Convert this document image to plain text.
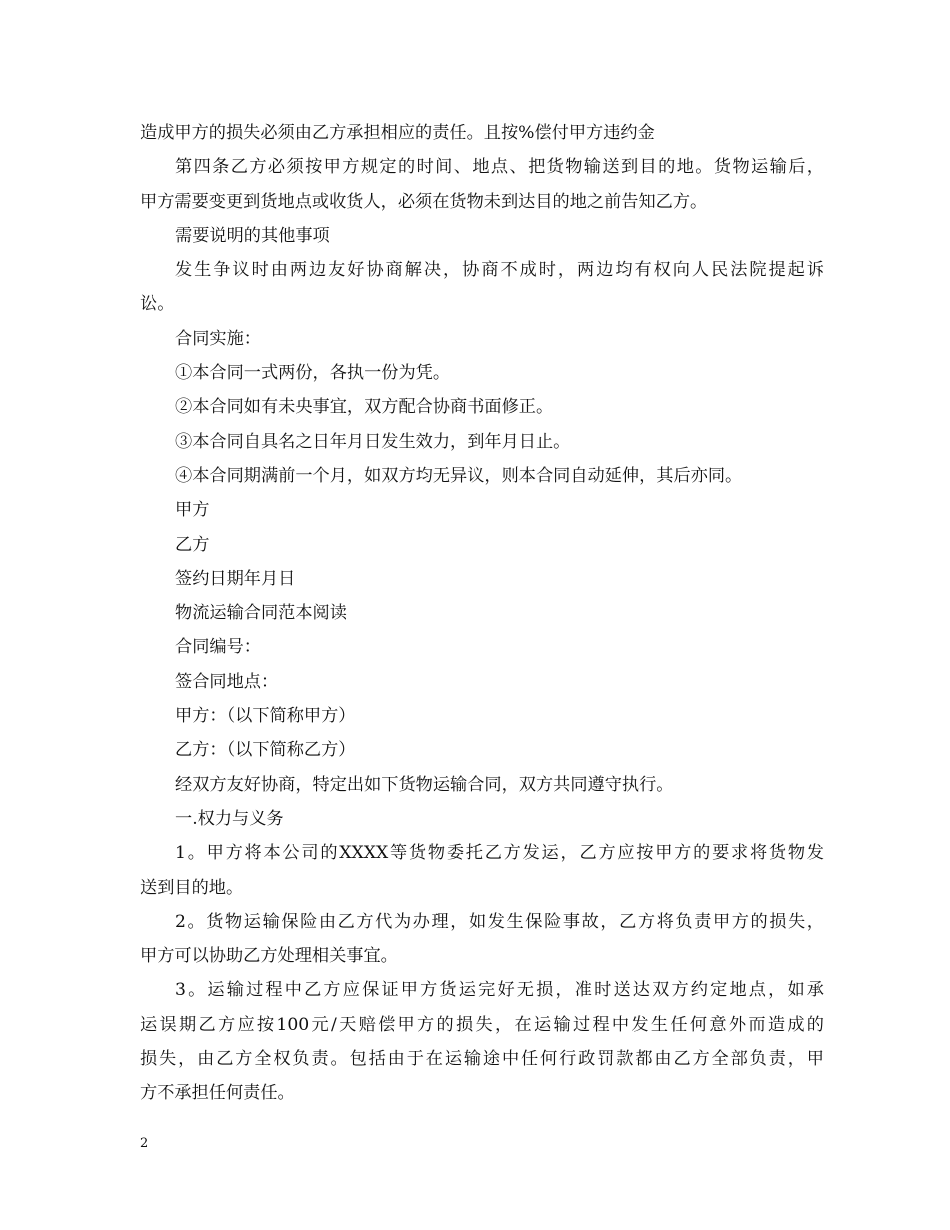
造成甲方的损失必须由乙方承担相应的责任。且按%偿付甲方违约金
第四条乙方必须按甲方规定的时间、地点、把货物输送到目的地。货物运输后，
甲方需要变更到货地点或收货人，必须在货物未到达目的地之前告知乙方。
需要说明的其他事项
发生争议时由两边友好协商解决，协商不成时，两边均有权向人民法院提起诉
讼。
合同实施：
①本合同一式两份，各执一份为凭。
②本合同如有未央事宜，双方配合协商书面修正。
③本合同自具名之日年月日发生效力，到年月日止。
④本合同期满前一个月，如双方均无异议，则本合同自动延伸，其后亦同。
甲方
乙方
签约日期年月日
物流运输合同范本阅读
合同编号：
签合同地点：
甲方：（以下简称甲方）
乙方：（以下简称乙方）
经双方友好协商，特定出如下货物运输合同，双方共同遵守执行。
一.权力与义务
1。甲方将本公司的XXXX等货物委托乙方发运，乙方应按甲方的要求将货物发
送到目的地。
2。货物运输保险由乙方代为办理，如发生保险事故，乙方将负责甲方的损失，
甲方可以协助乙方处理相关事宜。
3。运输过程中乙方应保证甲方货运完好无损，准时送达双方约定地点，如承
运误期乙方应按100元/天赔偿甲方的损失，在运输过程中发生任何意外而造成的
损失，由乙方全权负责。包括由于在运输途中任何行政罚款都由乙方全部负责，甲
方不承担任何责任。
2
